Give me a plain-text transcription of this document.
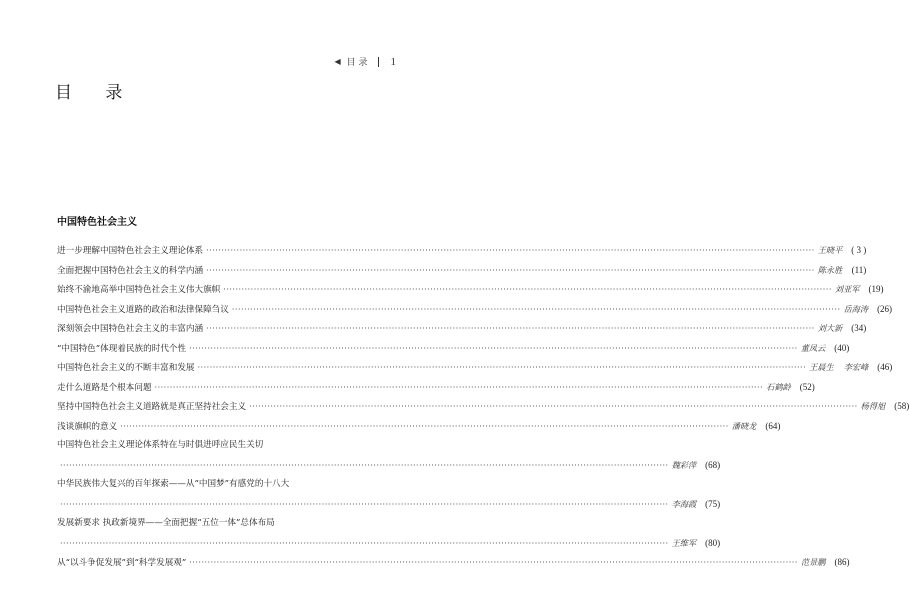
◀ 目 录 1
目 录
中国特色社会主义
进一步理解中国特色社会主义理论体系 ········································································································································································································ 王晓平	( 3 )
全面把握中国特色社会主义的科学内涵 ········································································································································································································ 陈永胜	(11)
始终不渝地高举中国特色社会主义伟大旗帜 ········································································································································································································ 刘亚军	(19)
中国特色社会主义道路的政治和法律保障刍议 ········································································································································································································ 岳海涛	(26)
深刻领会中国特色社会主义的丰富内涵 ········································································································································································································ 刘大新	(34)
“中国特色”体现着民族的时代个性 ········································································································································································································ 董凤云	(40)
中国特色社会主义的不断丰富和发展 ········································································································································································································ 王晨生 李宏峰	(46)
走什么道路是个根本问题 ········································································································································································································ 石鹤龄	(52)
坚持中国特色社会主义道路就是真正坚持社会主义 ········································································································································································································ 杨得旭	(58)
浅谈旗帜的意义 ········································································································································································································ 潘晓龙	(64)
中国特色社会主义理论体系特在与时俱进呼应民生关切
········································································································································································································ 魏彩萍	(68)
中华民族伟大复兴的百年探索——从“中国梦”有感党的十八大
········································································································································································································ 李海霞	(75)
发展新要求 执政新境界——全面把握“五位一体”总体布局
········································································································································································································ 王维军	(80)
从“以斗争促发展”到“科学发展观” ········································································································································································································ 范景鹏	(86)
